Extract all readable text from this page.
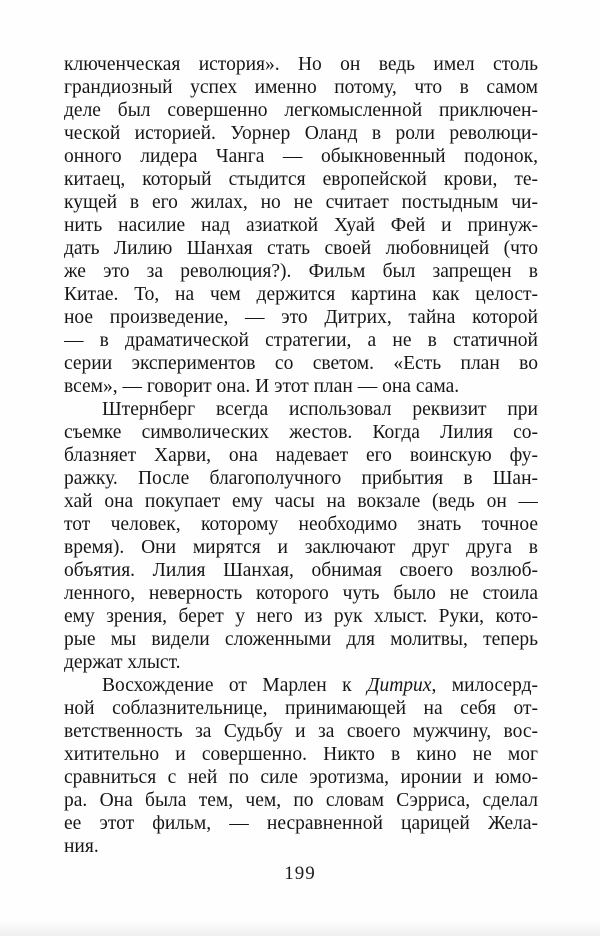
ключенческая история». Но он ведь имел столь
грандиозный успех именно потому, что в самом
деле был совершенно легкомысленной приключен-
ческой историей. Уорнер Оланд в роли революци-
онного лидера Чанга — обыкновенный подонок,
китаец, который стыдится европейской крови, те-
кущей в его жилах, но не считает постыдным чи-
нить насилие над азиаткой Хуай Фей и принуж-
дать Лилию Шанхая стать своей любовницей (что
же это за революция?). Фильм был запрещен в
Китае. То, на чем держится картина как целост-
ное произведение, — это Дитрих, тайна которой
— в драматической стратегии, а не в статичной
серии экспериментов со светом. «Есть план во
всем», — говорит она. И этот план — она сама.
Штернберг всегда использовал реквизит при
съемке символических жестов. Когда Лилия со-
блазняет Харви, она надевает его воинскую фу-
ражку. После благополучного прибытия в Шан-
хай она покупает ему часы на вокзале (ведь он —
тот человек, которому необходимо знать точное
время). Они мирятся и заключают друг друга в
объятия. Лилия Шанхая, обнимая своего возлюб-
ленного, неверность которого чуть было не стоила
ему зрения, берет у него из рук хлыст. Руки, кото-
рые мы видели сложенными для молитвы, теперь
держат хлыст.
Восхождение от Марлен к Дитрих, милосерд-
ной соблазнительнице, принимающей на себя от-
ветственность за Судьбу и за своего мужчину, вос-
хитительно и совершенно. Никто в кино не мог
сравниться с ней по силе эротизма, иронии и юмо-
ра. Она была тем, чем, по словам Сэрриса, сделал
ее этот фильм, — несравненной царицей Жела-
ния.
199
